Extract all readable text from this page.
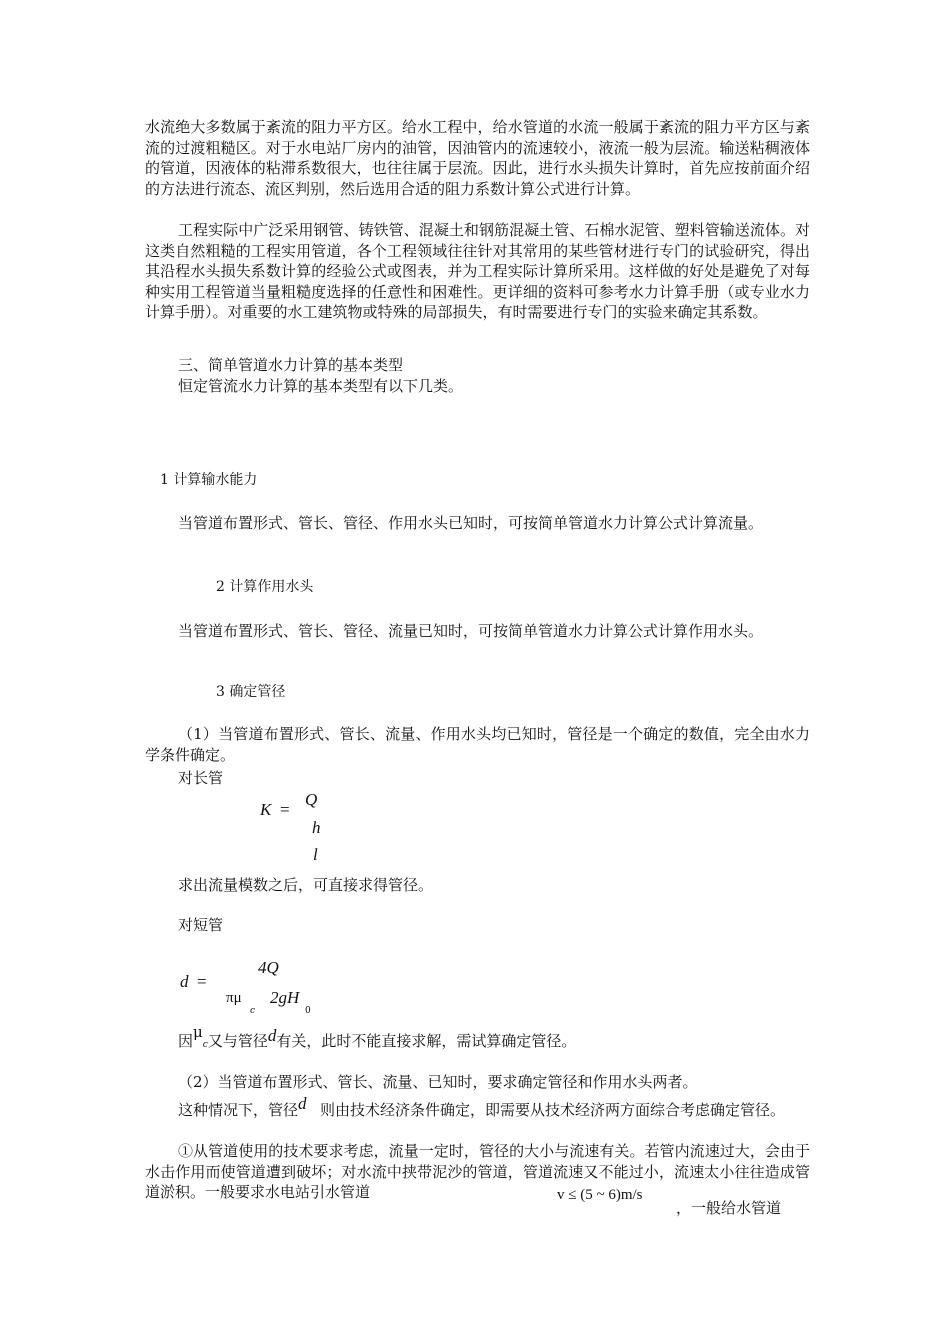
水流绝大多数属于紊流的阻力平方区。给水工程中，给水管道的水流一般属于紊流的阻力平方区与紊流的过渡粗糙区。对于水电站厂房内的油管，因油管内的流速较小，液流一般为层流。输送粘稠液体的管道，因液体的粘滞系数很大，也往往属于层流。因此，进行水头损失计算时，首先应按前面介绍的方法进行流态、流区判别，然后选用合适的阻力系数计算公式进行计算。

工程实际中广泛采用钢管、铸铁管、混凝土和钢筋混凝土管、石棉水泥管、塑料管输送流体。对这类自然粗糙的工程实用管道，各个工程领域往往针对其常用的某些管材进行专门的试验研究，得出其沿程水头损失系数计算的经验公式或图表，并为工程实际计算所采用。这样做的好处是避免了对每种实用工程管道当量粗糙度选择的任意性和困难性。更详细的资料可参考水力计算手册（或专业水力计算手册）。对重要的水工建筑物或特殊的局部损失，有时需要进行专门的实验来确定其系数。

三、简单管道水力计算的基本类型

恒定管流水力计算的基本类型有以下几类。

1 计算输水能力

当管道布置形式、管长、管径、作用水头已知时，可按简单管道水力计算公式计算流量。

2 计算作用水头

当管道布置形式、管长、管径、流量已知时，可按简单管道水力计算公式计算作用水头。

3 确定管径

（1）当管道布置形式、管长、流量、作用水头均已知时，管径是一个确定的数值，完全由水力学条件确定。

对长管

K =
Q
h
l

求出流量模数之后，可直接求得管径。

对短管

d =
4Q
πμ
c
2gH
0

因μc又与管径d有关，此时不能直接求解，需试算确定管径。

（2）当管道布置形式、管长、流量、已知时，要求确定管径和作用水头两者。

这种情况下，管径d 则由技术经济条件确定，即需要从技术经济两方面综合考虑确定管径。

①从管道使用的技术要求考虑，流量一定时，管径的大小与流速有关。若管内流速过大，会由于水击作用而使管道遭到破坏；对水流中挟带泥沙的管道，管道流速又不能过小，流速太小往往造成管道淤积。一般要求水电站引水管道	v ≤ (5 ~ 6)m/s
，一般给水管道
